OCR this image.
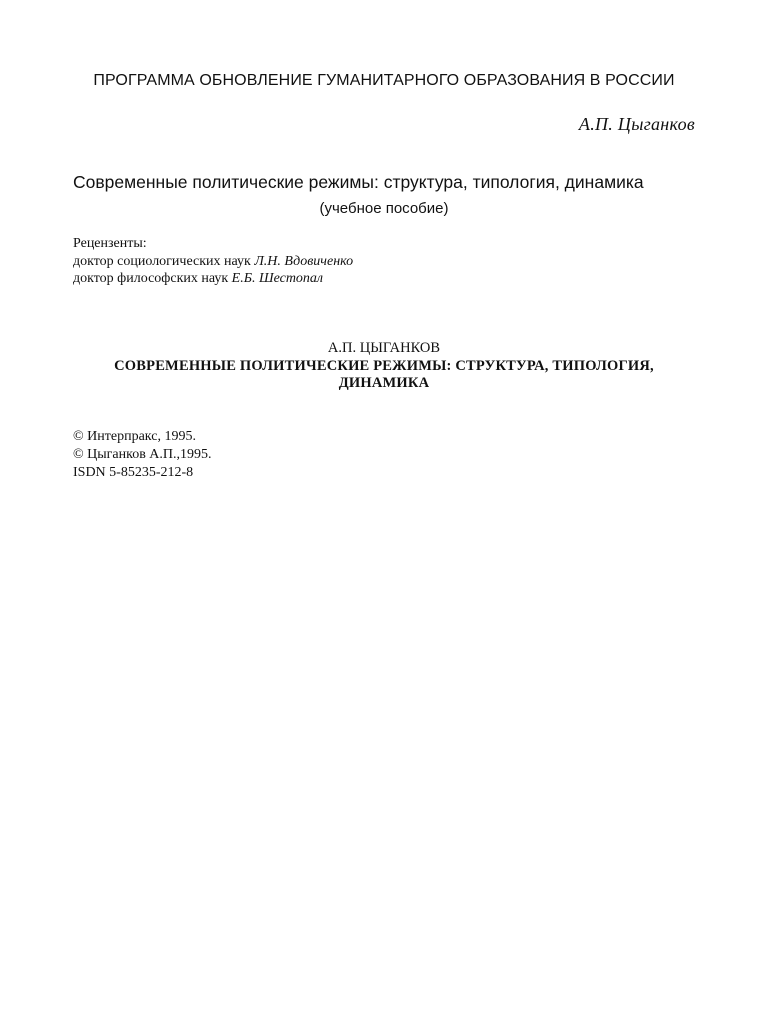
ПРОГРАММА ОБНОВЛЕНИЕ ГУМАНИТАРНОГО ОБРАЗОВАНИЯ В РОССИИ
А.П. Цыганков
Современные политические режимы: структура, типология, динамика
(учебное пособие)
Рецензенты:
доктор социологических наук Л.Н. Вдовиченко
доктор философских наук Е.Б. Шестопал
А.П. ЦЫГАНКОВ
СОВРЕМЕННЫЕ ПОЛИТИЧЕСКИЕ РЕЖИМЫ: СТРУКТУРА, ТИПОЛОГИЯ,
ДИНАМИКА
© Интерпракс, 1995.
© Цыганков А.П.,1995.
ISDN 5-85235-212-8
